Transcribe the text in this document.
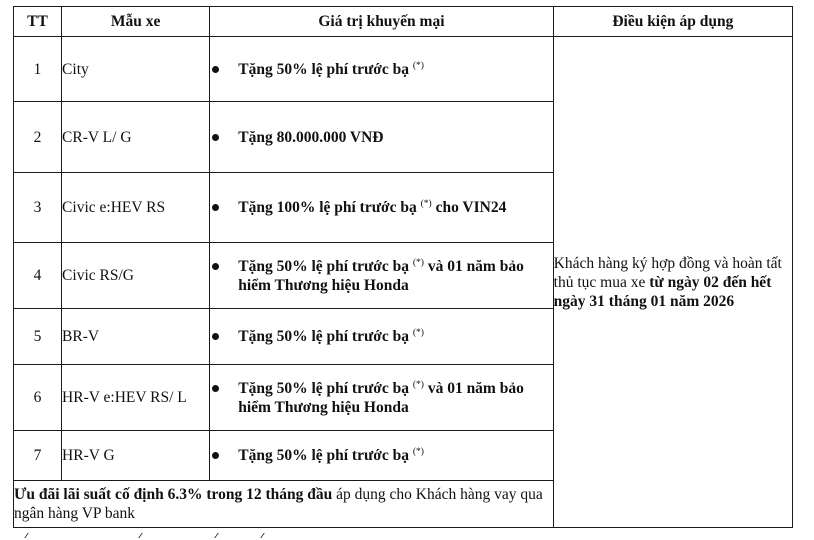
TT	Mẫu xe	Giá trị khuyến mại	Điều kiện áp dụng
1	City	Tặng 50% lệ phí trước bạ (*)	Khách hàng ký hợp đồng và hoàn tất thủ tục mua xe từ ngày 02 đến hết ngày 31 tháng 01 năm 2026
2	CR-V L/ G	Tặng 80.000.000 VNĐ	

3	Civic e:HEV RS	Tặng 100% lệ phí trước bạ (*) cho VIN24	

4	Civic RS/G	Tặng 50% lệ phí trước bạ (*) và 01 năm bảo hiểm Thương hiệu Honda	

5	BR-V	Tặng 50% lệ phí trước bạ (*)

6	HR-V e:HEV RS/ L	Tặng 50% lệ phí trước bạ (*) và 01 năm bảo hiểm Thương hiệu Honda	

7	HR-V G	Tặng 50% lệ phí trước bạ (*)

Ưu đãi lãi suất cố định 6.3% trong 12 tháng đầu áp dụng cho Khách hàng vay qua ngân hàng VP bank			
